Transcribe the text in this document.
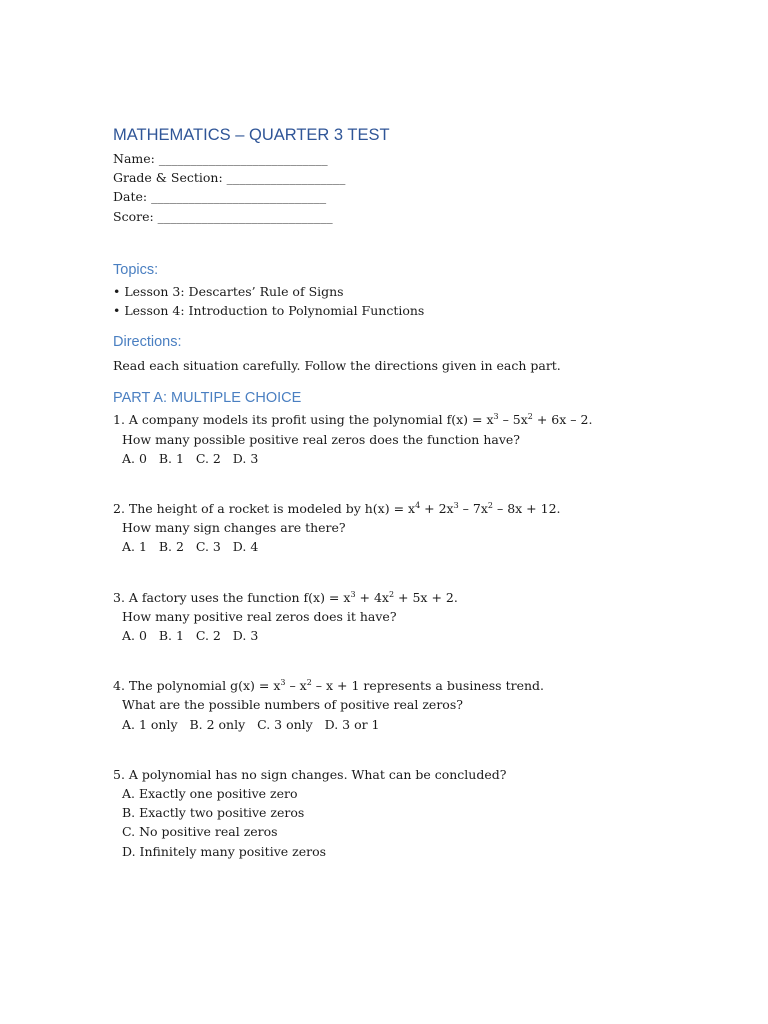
MATHEMATICS – QUARTER 3 TEST
Name: ___________________________
Grade & Section: ___________________
Date: ____________________________
Score: ____________________________
Topics:
• Lesson 3: Descartes’ Rule of Signs
• Lesson 4: Introduction to Polynomial Functions
Directions:
Read each situation carefully. Follow the directions given in each part.
PART A: MULTIPLE CHOICE
1. A company models its profit using the polynomial $f(x) = x^3 - 5x^2 + 6x - 2$.
How many possible positive real zeros does the function have?
A. 0   B. 1   C. 2   D. 3
2. The height of a rocket is modeled by $h(x) = x^4 + 2x^3 - 7x^2 - 8x + 12$.
How many sign changes are there?
A. 1   B. 2   C. 3   D. 4
3. A factory uses the function $f(x) = x^3 + 4x^2 + 5x + 2$.
How many positive real zeros does it have?
A. 0   B. 1   C. 2   D. 3
4. The polynomial $g(x) = x^3 - x^2 - x + 1$ represents a business trend.
What are the possible numbers of positive real zeros?
A. 1 only   B. 2 only   C. 3 only   D. 3 or 1
5. A polynomial has no sign changes. What can be concluded?
A. Exactly one positive zero
B. Exactly two positive zeros
C. No positive real zeros
D. Infinitely many positive zeros
